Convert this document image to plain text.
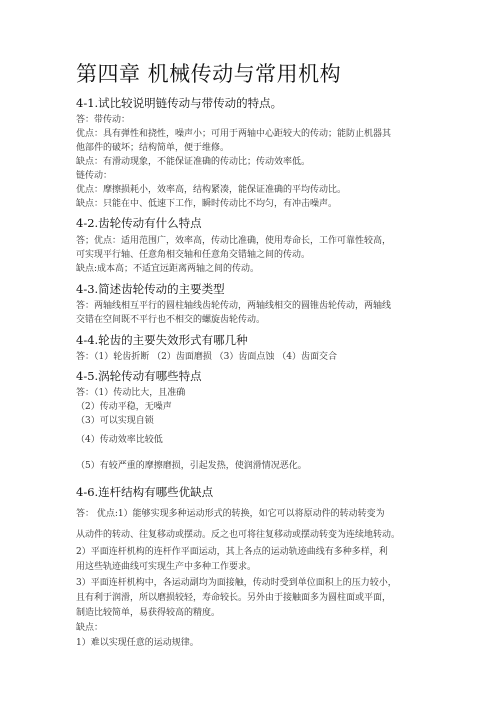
第四章 机械传动与常用机构
4-1.试比较说明链传动与带传动的特点。
答：带传动：
优点：具有弹性和挠性，噪声小；可用于两轴中心距较大的传动；能防止机器其
他部件的破坏；结构简单，便于维修。
缺点：有滑动现象，不能保证准确的传动比；传动效率低。
链传动：
优点：摩擦损耗小，效率高，结构紧凑，能保证准确的平均传动比。
缺点：只能在中、低速下工作，瞬时传动比不均匀，有冲击噪声。
4-2.齿轮传动有什么特点
答；优点：适用范围广，效率高，传动比准确，使用寿命长，工作可靠性较高，
可实现平行轴、任意角相交轴和任意角交错轴之间的传动。
缺点:成本高；不适宜远距离两轴之间的传动。
4-3.简述齿轮传动的主要类型
答：两轴线相互平行的圆柱轴线齿轮传动，两轴线相交的圆锥齿轮传动，两轴线
交错在空间既不平行也不相交的螺旋齿轮传动。
4-4.轮齿的主要失效形式有哪几种
答：（1）轮齿折断 （2）齿面磨损 （3）齿面点蚀 （4）齿面交合
4-5.涡轮传动有哪些特点
答：（1）传动比大，且准确
（2）传动平稳，无噪声
（3）可以实现自锁
（4）传动效率比较低
（5）有较严重的摩擦磨损，引起发热，使润滑情况恶化。
4-6.连杆结构有哪些优缺点
答： 优点:1）能够实现多种运动形式的转换，如它可以将原动件的转动转变为
从动件的转动、往复移动或摆动。反之也可将往复移动或摆动转变为连续地转动。
2）平面连杆机构的连杆作平面运动，其上各点的运动轨迹曲线有多种多样，利
用这些轨迹曲线可实现生产中多种工作要求。
3）平面连杆机构中，各运动副均为面接触，传动时受到单位面积上的压力较小，
且有利于润滑，所以磨损较轻，寿命较长。另外由于接触面多为圆柱面或平面，
制造比较简单，易获得较高的精度。
缺点：
1）难以实现任意的运动规律。
